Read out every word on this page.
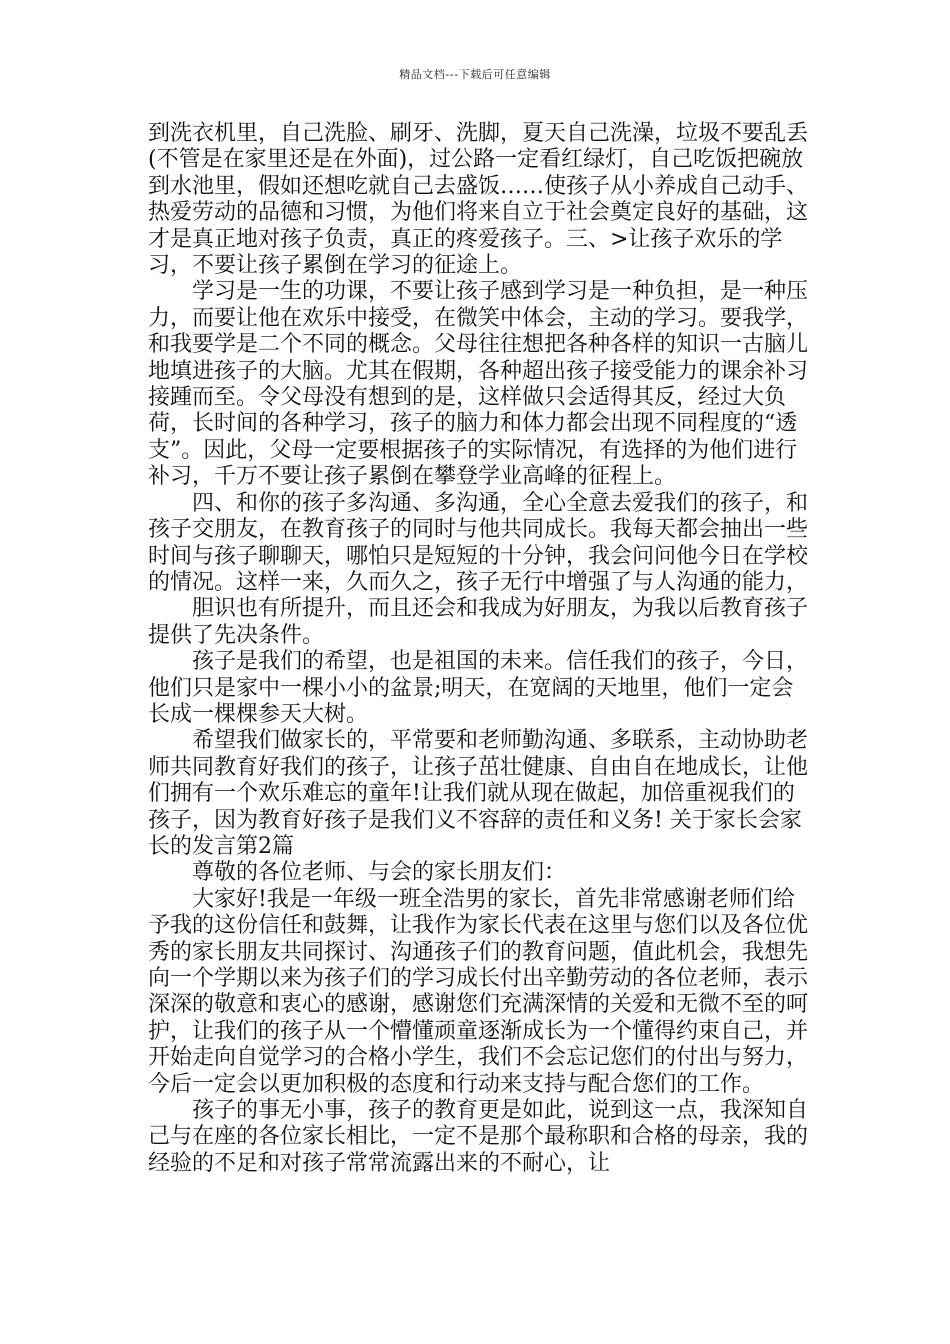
精品文档---下载后可任意编辑

到洗衣机里，自己洗脸、刷牙、洗脚，夏天自己洗澡，垃圾不要乱丢(不管是在家里还是在外面)，过公路一定看红绿灯，自己吃饭把碗放到水池里，假如还想吃就自己去盛饭……使孩子从小养成自己动手、热爱劳动的品德和习惯，为他们将来自立于社会奠定良好的基础，这才是真正地对孩子负责，真正的疼爱孩子。三、>让孩子欢乐的学习，不要让孩子累倒在学习的征途上。

学习是一生的功课，不要让孩子感到学习是一种负担，是一种压力，而要让他在欢乐中接受，在微笑中体会，主动的学习。要我学，和我要学是二个不同的概念。父母往往想把各种各样的知识一古脑儿地填进孩子的大脑。尤其在假期，各种超出孩子接受能力的课余补习接踵而至。令父母没有想到的是，这样做只会适得其反，经过大负荷，长时间的各种学习，孩子的脑力和体力都会出现不同程度的“透支”。因此，父母一定要根据孩子的实际情况，有选择的为他们进行补习，千万不要让孩子累倒在攀登学业高峰的征程上。

四、和你的孩子多沟通、多沟通，全心全意去爱我们的孩子，和孩子交朋友，在教育孩子的同时与他共同成长。我每天都会抽出一些时间与孩子聊聊天，哪怕只是短短的十分钟，我会问问他今日在学校的情况。这样一来，久而久之，孩子无行中增强了与人沟通的能力，

胆识也有所提升，而且还会和我成为好朋友，为我以后教育孩子提供了先决条件。

孩子是我们的希望，也是祖国的未来。信任我们的孩子，今日，他们只是家中一棵小小的盆景;明天，在宽阔的天地里，他们一定会长成一棵棵参天大树。

希望我们做家长的，平常要和老师勤沟通、多联系，主动协助老师共同教育好我们的孩子，让孩子茁壮健康、自由自在地成长，让他们拥有一个欢乐难忘的童年!让我们就从现在做起，加倍重视我们的孩子，因为教育好孩子是我们义不容辞的责任和义务! 关于家长会家长的发言第2篇

尊敬的各位老师、与会的家长朋友们：

大家好!我是一年级一班全浩男的家长，首先非常感谢老师们给予我的这份信任和鼓舞，让我作为家长代表在这里与您们以及各位优秀的家长朋友共同探讨、沟通孩子们的教育问题，值此机会，我想先向一个学期以来为孩子们的学习成长付出辛勤劳动的各位老师，表示深深的敬意和衷心的感谢，感谢您们充满深情的关爱和无微不至的呵护，让我们的孩子从一个懵懂顽童逐渐成长为一个懂得约束自己，并开始走向自觉学习的合格小学生，我们不会忘记您们的付出与努力，今后一定会以更加积极的态度和行动来支持与配合您们的工作。

孩子的事无小事，孩子的教育更是如此，说到这一点，我深知自己与在座的各位家长相比，一定不是那个最称职和合格的母亲，我的经验的不足和对孩子常常流露出来的不耐心，让
